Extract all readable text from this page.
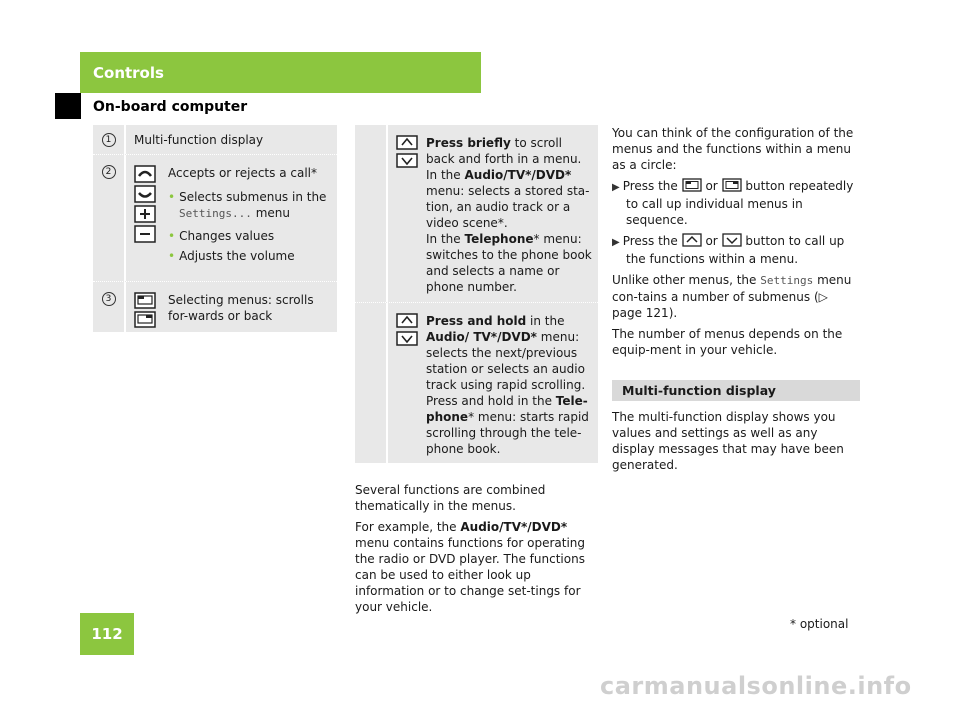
Controls
On-board computer
1	Multi-function display
2	Accepts or rejects a call*
• Selects submenus in the
Settings... menu
• Changes values
• Adjusts the volume
3	Selecting menus: scrolls for-wards or back
Press briefly to scroll back and forth in a menu.
In the Audio/TV*/DVD* menu: selects a stored sta-tion, an audio track or a video scene*.
In the Telephone* menu: switches to the phone book and selects a name or phone number.
Press and hold in the Audio/ TV*/DVD* menu: selects the next/previous station or selects an audio track using rapid scrolling.
Press and hold in the Tele- phone* menu: starts rapid scrolling through the tele-phone book.

Several functions are combined thematically in the menus.

For example, the Audio/TV*/DVD* menu contains functions for operating the radio or DVD player. The functions can be used to either look up information or to change set-tings for your vehicle.

You can think of the configuration of the menus and the functions within a menu as a circle:

▶ Press the or button repeatedly to call up individual menus in sequence.

▶ Press the or button to call up the functions within a menu.

Unlike other menus, the Settings menu con-tains a number of submenus (▷ page 121).

The number of menus depends on the equip-ment in your vehicle.

Multi-function display

The multi-function display shows you values and settings as well as any display messages that may have been generated.

112
* optional
carmanualsonline.info
